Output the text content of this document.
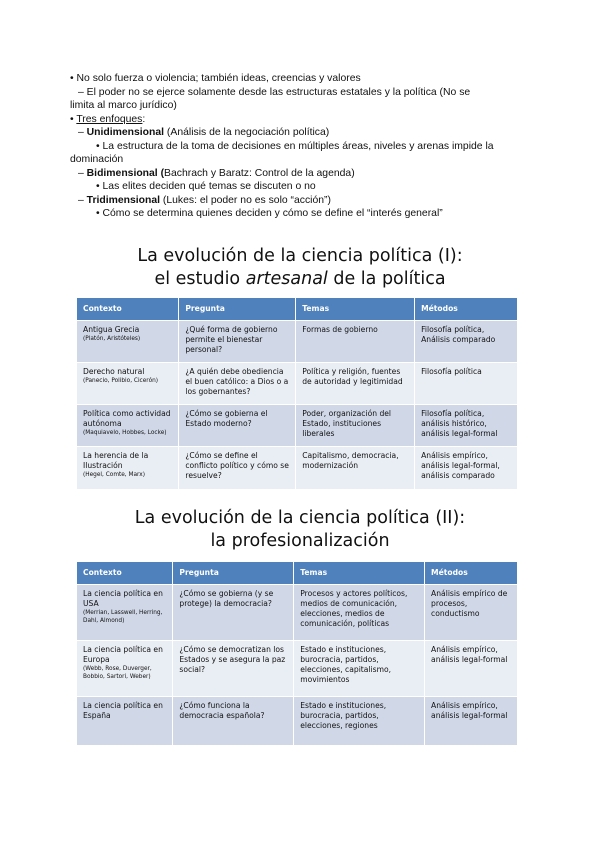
• No solo fuerza o violencia; también ideas, creencias y valores
– El poder no se ejerce solamente desde las estructuras estatales y la política (No se
limita al marco jurídico)
• Tres enfoques:
– Unidimensional (Análisis de la negociación política)
• La estructura de la toma de decisiones en múltiples áreas, niveles y arenas impide la
dominación
– Bidimensional (Bachrach y Baratz: Control de la agenda)
• Las elites deciden qué temas se discuten o no
– Tridimensional (Lukes: el poder no es solo “acción”)
• Cómo se determina quienes deciden y cómo se define el “interés general”
La evolución de la ciencia política (I):
el estudio artesanal de la política
Contexto	Pregunta	Temas	Métodos
Antigua Grecia
(Platón, Aristóteles)	¿Qué forma de gobierno permite el bienestar personal?	Formas de gobierno	Filosofía política, Análisis comparado
Derecho natural
(Panecio, Polibio, Cicerón)	¿A quién debe obediencia el buen católico: a Dios o a los gobernantes?	Política y religión, fuentes de autoridad y legitimidad	Filosofía política
Política como actividad autónoma
(Maquiavelo, Hobbes, Locke)	¿Cómo se gobierna el Estado moderno?	Poder, organización del Estado, instituciones liberales	Filosofía política, análisis histórico, análisis legal-formal
La herencia de la Ilustración
(Hegel, Comte, Marx)	¿Cómo se define el conflicto político y cómo se resuelve?	Capitalismo, democracia, modernización	Análisis empírico, análisis legal-formal, análisis comparado
La evolución de la ciencia política (II):
la profesionalización
Contexto	Pregunta	Temas	Métodos
La ciencia política en USA
(Merrian, Lasswell, Herring, Dahl, Almond)	¿Cómo se gobierna (y se protege) la democracia?	Procesos y actores políticos, medios de comunicación, elecciones, medios de comunicación, políticas	Análisis empírico de procesos, conductismo
La ciencia política en Europa
(Webb, Rose, Duverger, Bobbio, Sartori, Weber)	¿Cómo se democratizan los Estados y se asegura la paz social?	Estado e instituciones, burocracia, partidos, elecciones, capitalismo, movimientos	Análisis empírico, análisis legal-formal
La ciencia política en España	¿Cómo funciona la democracia española?	Estado e instituciones, burocracia, partidos, elecciones, regiones	Análisis empírico, análisis legal-formal
